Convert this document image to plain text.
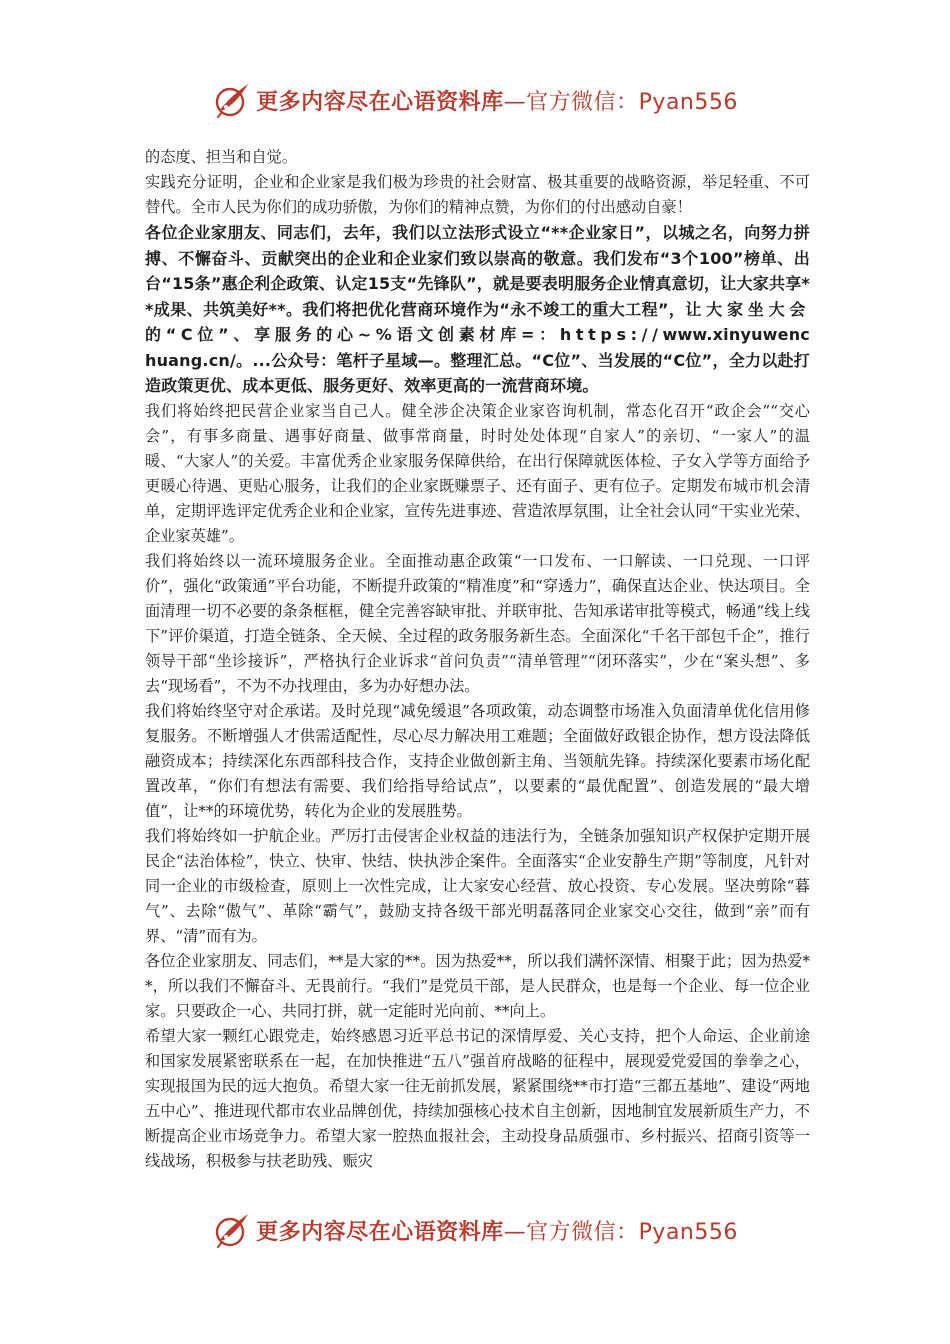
更多内容尽在心语资料库—官方微信：Pyan556

的态度、担当和自觉。

实践充分证明，企业和企业家是我们极为珍贵的社会财富、极其重要的战略资源，举足轻重、不可替代。全市人民为你们的成功骄傲，为你们的精神点赞，为你们的付出感动自豪！

各位企业家朋友、同志们，去年，我们以立法形式设立“**企业家日”，以城之名，向努力拼搏、不懈奋斗、贡献突出的企业和企业家们致以崇高的敬意。我们发布“3个100”榜单、出台“15条”惠企利企政策、认定15支“先锋队”，就是要表明服务企业情真意切，让大家共享**成果、共筑美好**。我们将把优化营商环境作为“永不竣工的重大工程”，让大家坐大会的“C位”、享服务的心~%语文创素材库=：https://www.xinyuwenchuang.cn/。...公众号：笔杆子星域—。整理汇总。“C位”、当发展的“C位”，全力以赴打造政策更优、成本更低、服务更好、效率更高的一流营商环境。

我们将始终把民营企业家当自己人。健全涉企决策企业家咨询机制，常态化召开“政企会”“交心会”，有事多商量、遇事好商量、做事常商量，时时处处体现“自家人”的亲切、“一家人”的温暖、“大家人”的关爱。丰富优秀企业家服务保障供给，在出行保障就医体检、子女入学等方面给予更暖心待遇、更贴心服务，让我们的企业家既赚票子、还有面子、更有位子。定期发布城市机会清单，定期评选评定优秀企业和企业家，宣传先进事迹、营造浓厚氛围，让全社会认同“干实业光荣、企业家英雄”。

我们将始终以一流环境服务企业。全面推动惠企政策“一口发布、一口解读、一口兑现、一口评价”，强化“政策通”平台功能，不断提升政策的“精准度”和“穿透力”，确保直达企业、快达项目。全面清理一切不必要的条条框框，健全完善容缺审批、并联审批、告知承诺审批等模式，畅通“线上线下”评价渠道，打造全链条、全天候、全过程的政务服务新生态。全面深化“千名干部包千企”，推行领导干部“坐诊接诉”，严格执行企业诉求“首问负责”“清单管理”“闭环落实”，少在“案头想”、多去“现场看”，不为不办找理由，多为办好想办法。

我们将始终坚守对企承诺。及时兑现“减免缓退”各项政策，动态调整市场准入负面清单优化信用修复服务。不断增强人才供需适配性，尽心尽力解决用工难题；全面做好政银企协作，想方设法降低融资成本；持续深化东西部科技合作，支持企业做创新主角、当领航先锋。持续深化要素市场化配置改革，“你们有想法有需要、我们给指导给试点”，以要素的“最优配置”、创造发展的“最大增值”，让**的环境优势，转化为企业的发展胜势。

我们将始终如一护航企业。严厉打击侵害企业权益的违法行为，全链条加强知识产权保护定期开展民企“法治体检”，快立、快审、快结、快执涉企案件。全面落实“企业安静生产期”等制度，凡针对同一企业的市级检查，原则上一次性完成，让大家安心经营、放心投资、专心发展。坚决剪除“暮气”、去除“傲气”、革除“霸气”，鼓励支持各级干部光明磊落同企业家交心交往，做到“亲”而有界、“清”而有为。

各位企业家朋友、同志们，**是大家的**。因为热爱**，所以我们满怀深情、相聚于此；因为热爱**，所以我们不懈奋斗、无畏前行。“我们”是党员干部，是人民群众，也是每一个企业、每一位企业家。只要政企一心、共同打拼，就一定能时光向前、**向上。

希望大家一颗红心跟党走，始终感恩习近平总书记的深情厚爱、关心支持，把个人命运、企业前途和国家发展紧密联系在一起，在加快推进“五八”强首府战略的征程中，展现爱党爱国的拳拳之心，实现报国为民的远大抱负。希望大家一往无前抓发展，紧紧围绕**市打造“三都五基地”、建设“两地五中心”、推进现代都市农业品牌创优，持续加强核心技术自主创新，因地制宜发展新质生产力，不断提高企业市场竞争力。希望大家一腔热血报社会，主动投身品质强市、乡村振兴、招商引资等一线战场，积极参与扶老助残、赈灾

更多内容尽在心语资料库—官方微信：Pyan556
